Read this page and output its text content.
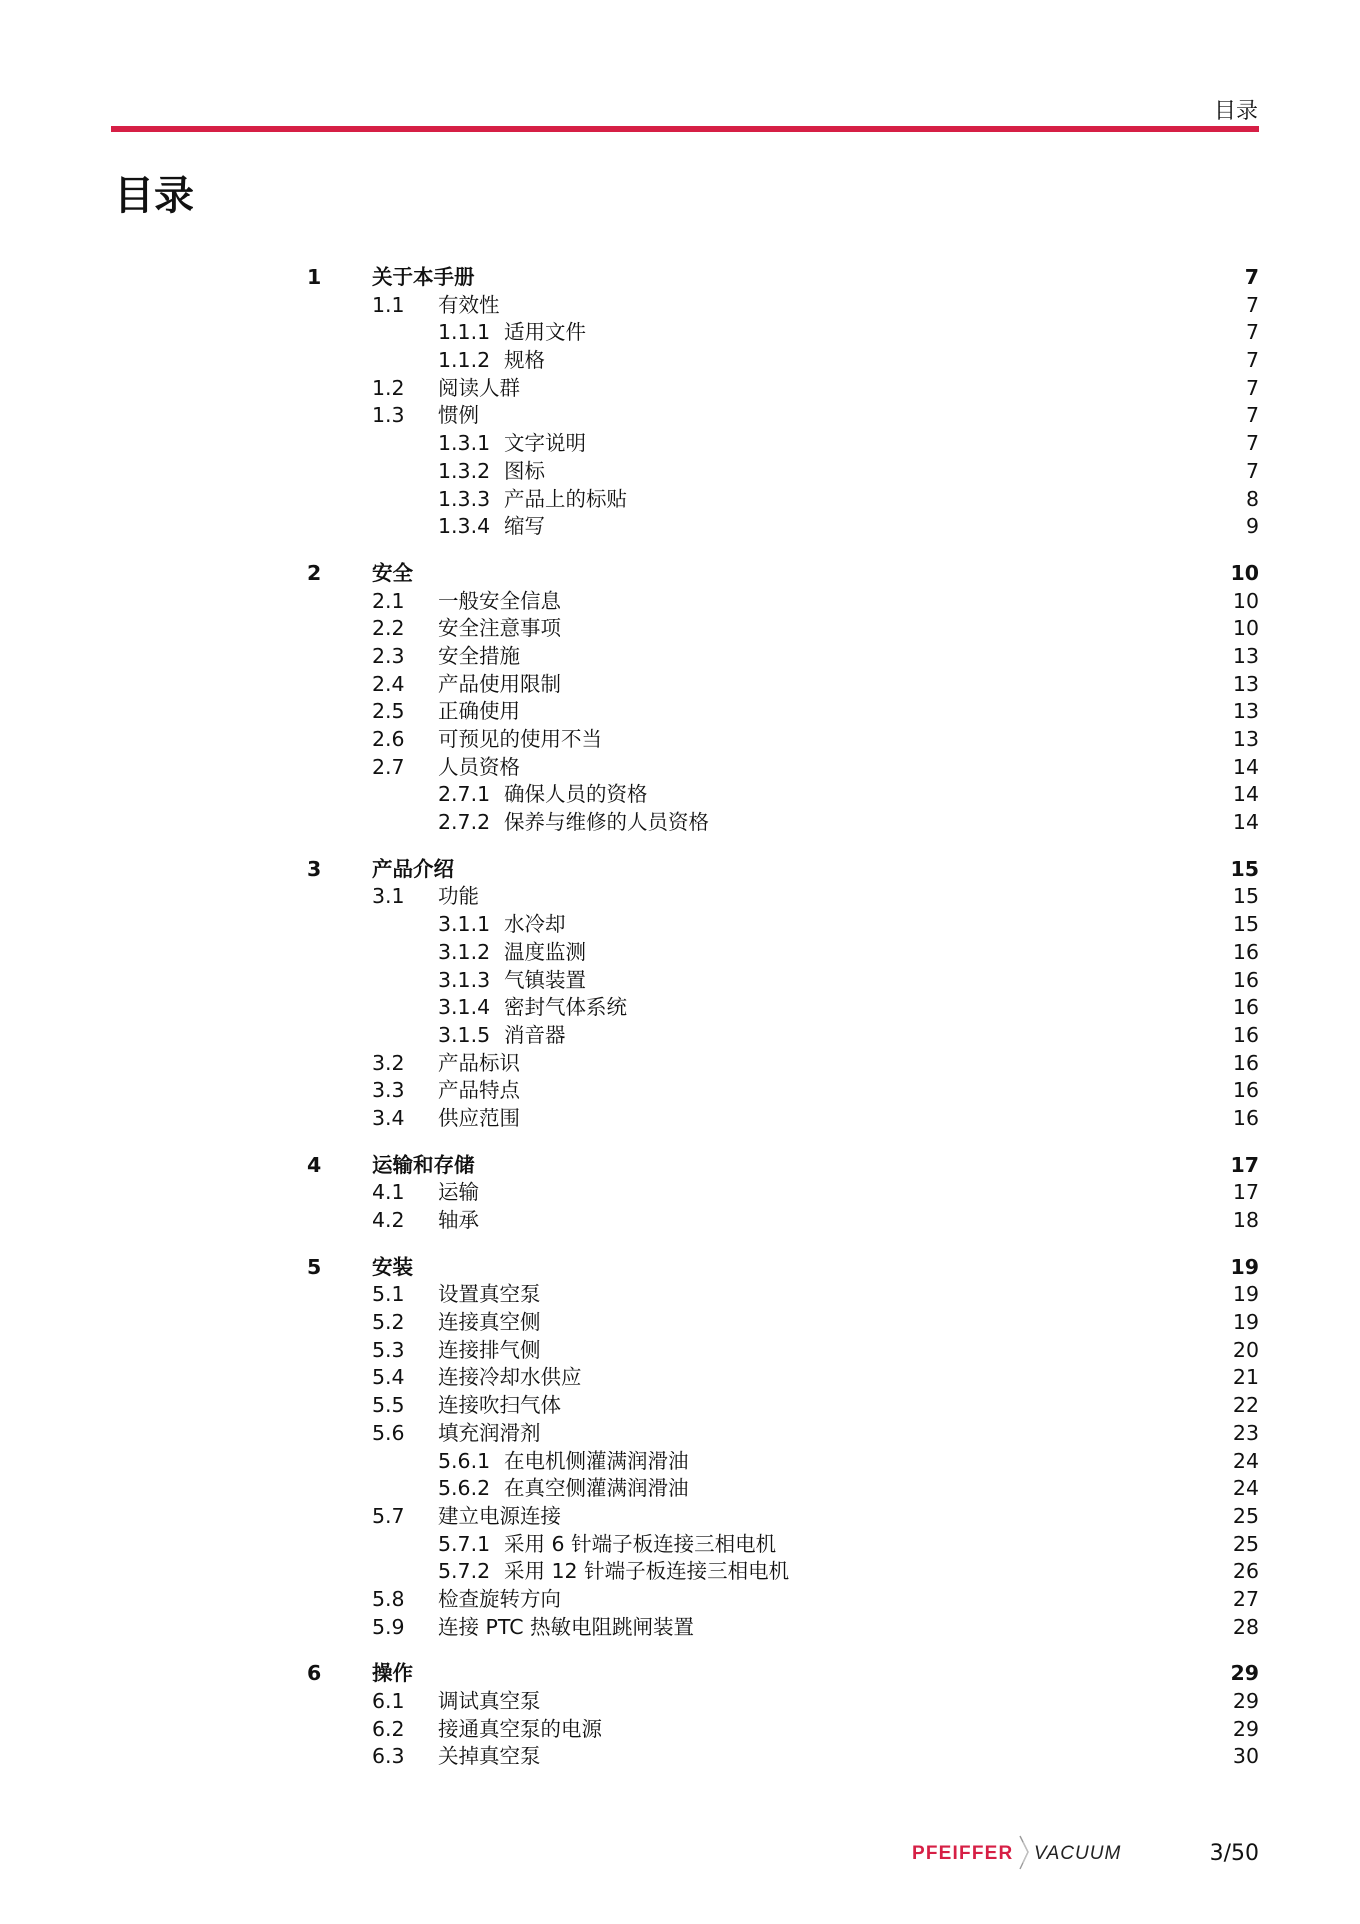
目录
目录
1 关于本手册	7
1.1 有效性	7
1.1.1 适用文件	7
1.1.2 规格	7
1.2 阅读人群	7
1.3 惯例	7
1.3.1 文字说明	7
1.3.2 图标	7
1.3.3 产品上的标贴	8
1.3.4 缩写	9
2 安全	10
2.1 一般安全信息	10
2.2 安全注意事项	10
2.3 安全措施	13
2.4 产品使用限制	13
2.5 正确使用	13
2.6 可预见的使用不当	13
2.7 人员资格	14
2.7.1 确保人员的资格	14
2.7.2 保养与维修的人员资格	14
3 产品介绍	15
3.1 功能	15
3.1.1 水冷却	15
3.1.2 温度监测	16
3.1.3 气镇装置	16
3.1.4 密封气体系统	16
3.1.5 消音器	16
3.2 产品标识	16
3.3 产品特点	16
3.4 供应范围	16
4 运输和存储	17
4.1 运输	17
4.2 轴承	18
5 安装	19
5.1 设置真空泵	19
5.2 连接真空侧	19
5.3 连接排气侧	20
5.4 连接冷却水供应	21
5.5 连接吹扫气体	22
5.6 填充润滑剂	23
5.6.1 在电机侧灌满润滑油	24
5.6.2 在真空侧灌满润滑油	24
5.7 建立电源连接	25
5.7.1 采用 6 针端子板连接三相电机	25
5.7.2 采用 12 针端子板连接三相电机	26
5.8 检查旋转方向	27
5.9 连接 PTC 热敏电阻跳闸装置	28
6 操作	29
6.1 调试真空泵	29
6.2 接通真空泵的电源	29
6.3 关掉真空泵	30
PFEIFFER VACUUM	3/50
